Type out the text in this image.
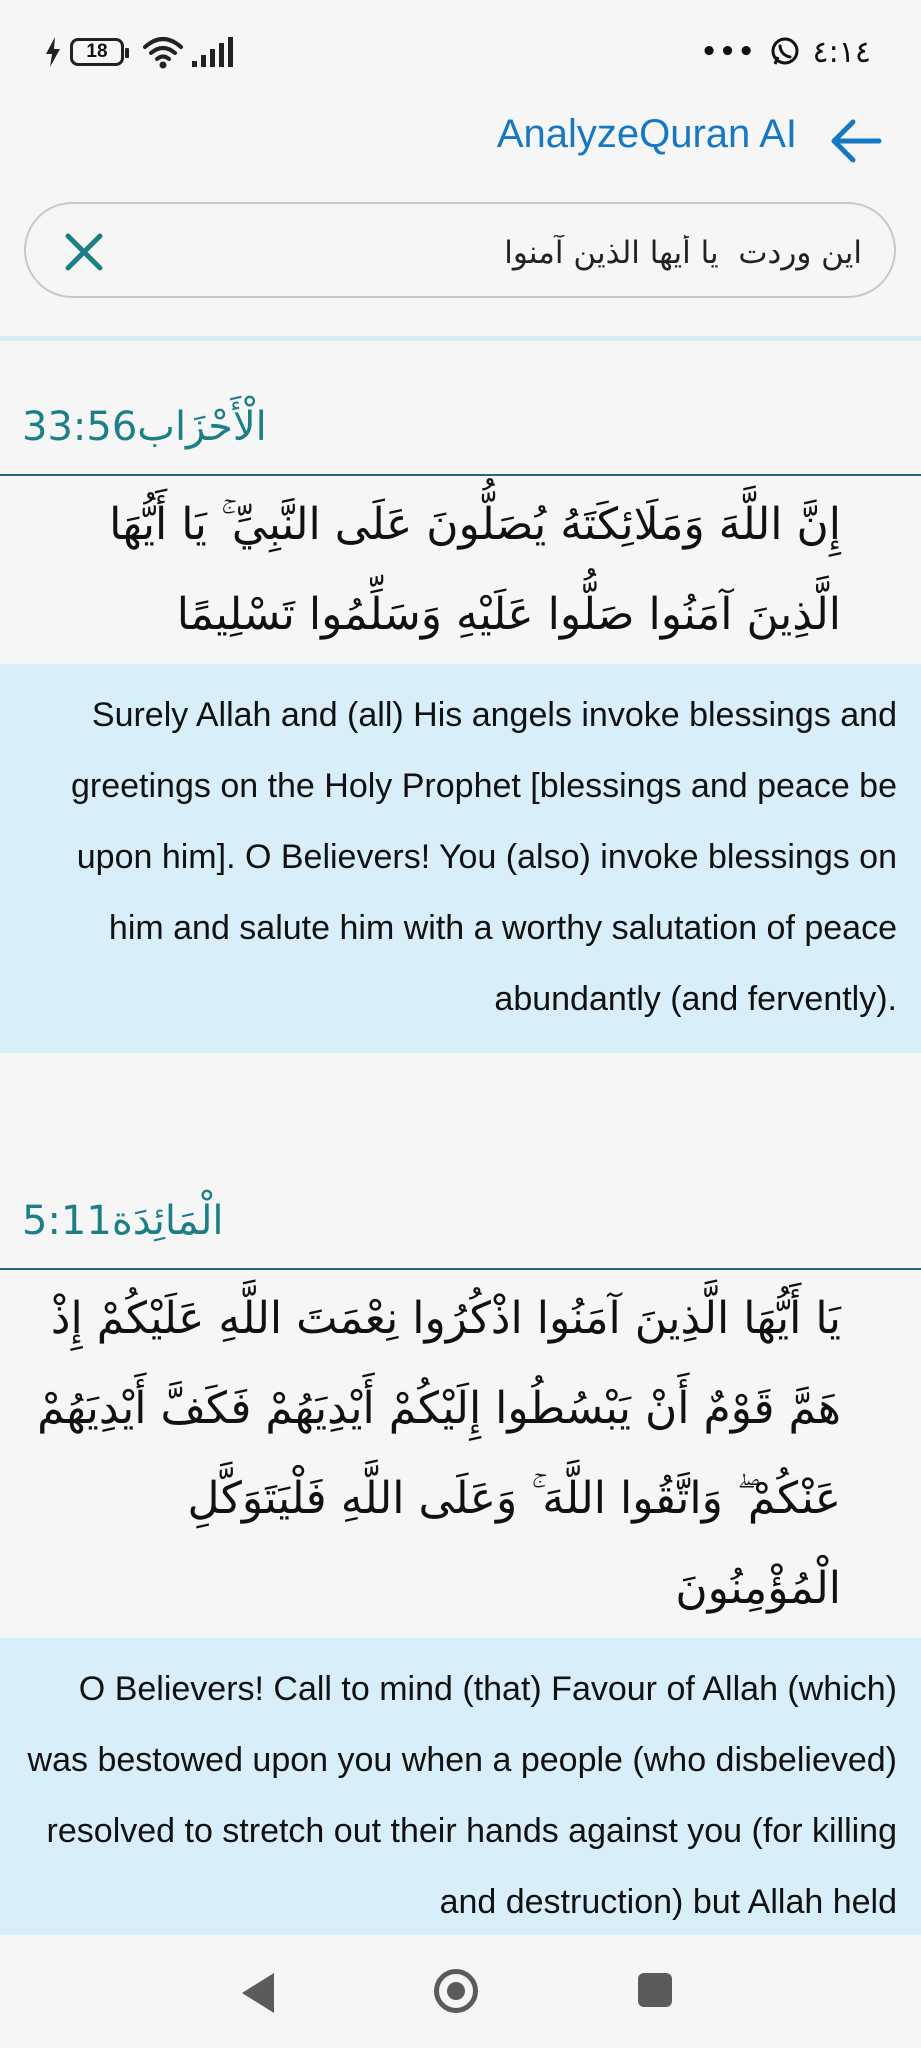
18	••• ٤:١٤
AnalyzeQuran AI
اين وردت يا أيها الذين آمنوا
الْأَحْزَاب33:56
إِنَّ اللَّهَ وَمَلَائِكَتَهُ يُصَلُّونَ عَلَى النَّبِيِّ ۚ يَا أَيُّهَا الَّذِينَ آمَنُوا صَلُّوا عَلَيْهِ وَسَلِّمُوا تَسْلِيمًا
Surely Allah and (all) His angels invoke blessings and greetings on the Holy Prophet [blessings and peace be upon him]. O Believers! You (also) invoke blessings on him and salute him with a worthy salutation of peace abundantly (and fervently).
الْمَائِدَة5:11
يَا أَيُّهَا الَّذِينَ آمَنُوا اذْكُرُوا نِعْمَتَ اللَّهِ عَلَيْكُمْ إِذْ هَمَّ قَوْمٌ أَنْ يَبْسُطُوا إِلَيْكُمْ أَيْدِيَهُمْ فَكَفَّ أَيْدِيَهُمْ عَنْكُمْ ۖ وَاتَّقُوا اللَّهَ ۚ وَعَلَى اللَّهِ فَلْيَتَوَكَّلِ الْمُؤْمِنُونَ
O Believers! Call to mind (that) Favour of Allah (which) was bestowed upon you when a people (who disbelieved) resolved to stretch out their hands against you (for killing and destruction) but Allah held
